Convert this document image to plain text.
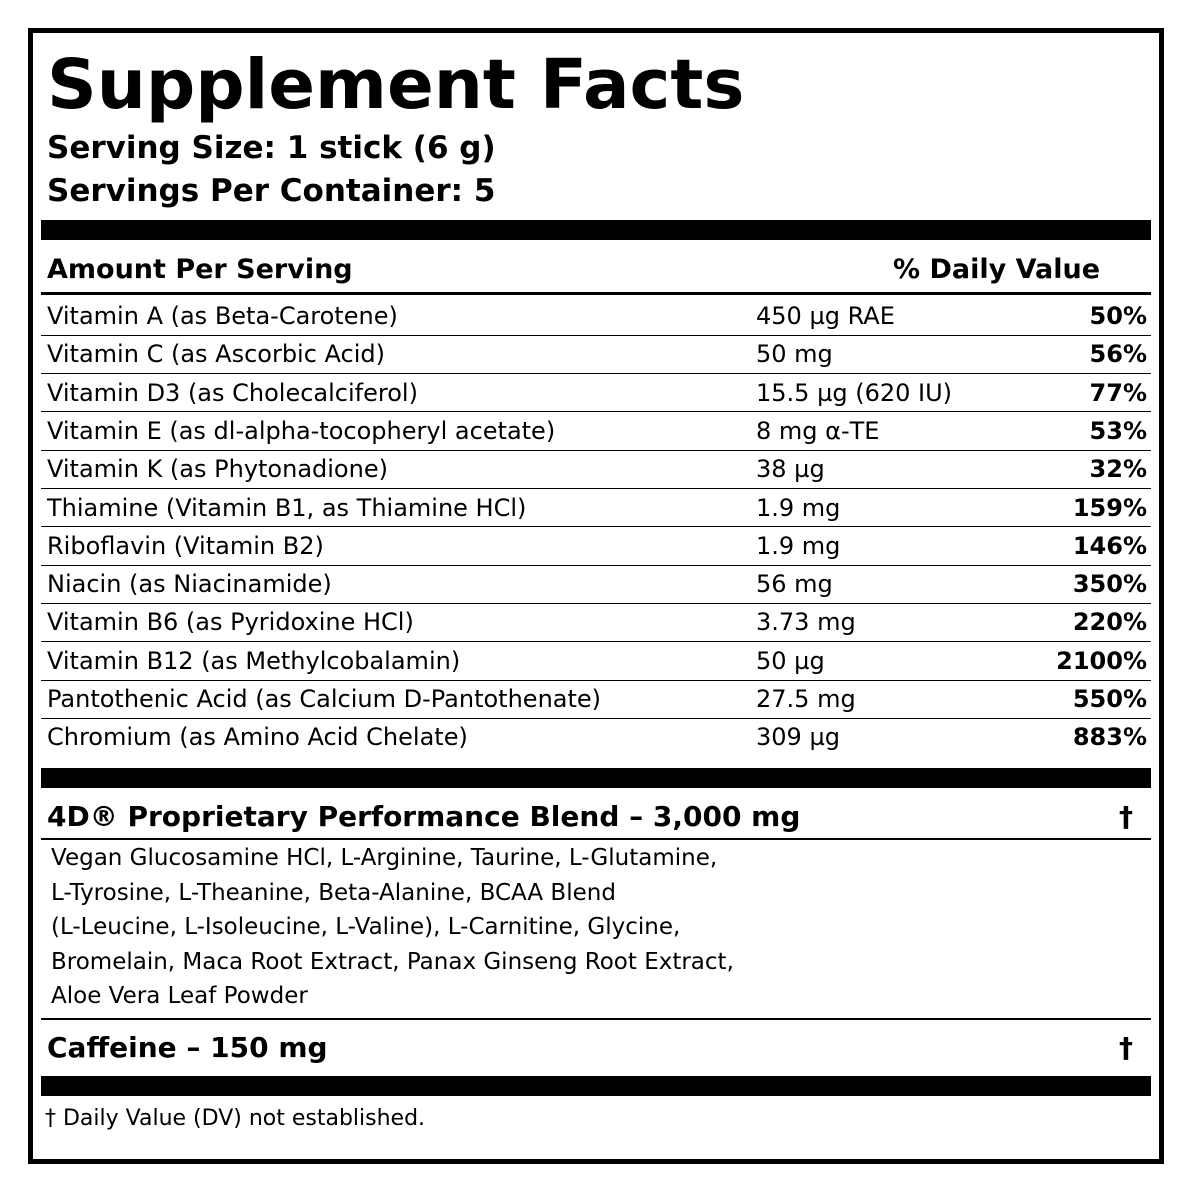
Supplement Facts
Serving Size: 1 stick (6 g)
Servings Per Container: 5
Amount Per Serving	% Daily Value
Vitamin A (as Beta-Carotene)	450 µg RAE	50%
Vitamin C (as Ascorbic Acid)	50 mg	56%
Vitamin D3 (as Cholecalciferol)	15.5 µg (620 IU)	77%
Vitamin E (as dl-alpha-tocopheryl acetate)	8 mg α-TE	53%
Vitamin K (as Phytonadione)	38 µg	32%
Thiamine (Vitamin B1, as Thiamine HCl)	1.9 mg	159%
Riboflavin (Vitamin B2)	1.9 mg	146%
Niacin (as Niacinamide)	56 mg	350%
Vitamin B6 (as Pyridoxine HCl)	3.73 mg	220%
Vitamin B12 (as Methylcobalamin)	50 µg	2100%
Pantothenic Acid (as Calcium D-Pantothenate)	27.5 mg	550%
Chromium (as Amino Acid Chelate)	309 µg	883%
4D® Proprietary Performance Blend – 3,000 mg	†
Vegan Glucosamine HCl, L-Arginine, Taurine, L-Glutamine,
L-Tyrosine, L-Theanine, Beta-Alanine, BCAA Blend
(L-Leucine, L-Isoleucine, L-Valine), L-Carnitine, Glycine,
Bromelain, Maca Root Extract, Panax Ginseng Root Extract,
Aloe Vera Leaf Powder
Caffeine – 150 mg	†
† Daily Value (DV) not established.
